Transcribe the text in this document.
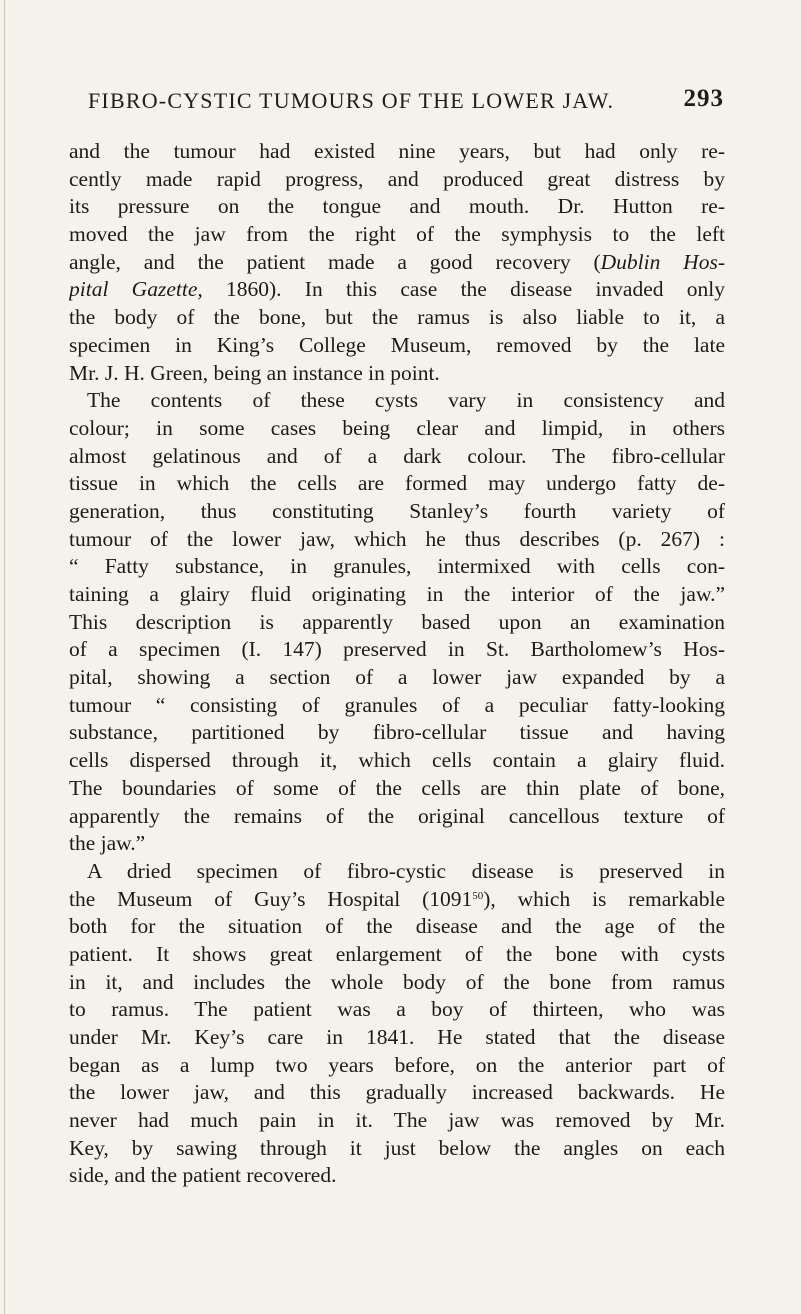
FIBRO-CYSTIC TUMOURS OF THE LOWER JAW.	293
and the tumour had existed nine years, but had only re-
cently made rapid progress, and produced great distress by
its pressure on the tongue and mouth. Dr. Hutton re-
moved the jaw from the right of the symphysis to the left
angle, and the patient made a good recovery (Dublin Hos-
pital Gazette, 1860). In this case the disease invaded only
the body of the bone, but the ramus is also liable to it, a
specimen in King’s College Museum, removed by the late
Mr. J. H. Green, being an instance in point.
The contents of these cysts vary in consistency and
colour; in some cases being clear and limpid, in others
almost gelatinous and of a dark colour. The fibro-cellular
tissue in which the cells are formed may undergo fatty de-
generation, thus constituting Stanley’s fourth variety of
tumour of the lower jaw, which he thus describes (p. 267) :
“ Fatty substance, in granules, intermixed with cells con-
taining a glairy fluid originating in the interior of the jaw.”
This description is apparently based upon an examination
of a specimen (I. 147) preserved in St. Bartholomew’s Hos-
pital, showing a section of a lower jaw expanded by a
tumour “ consisting of granules of a peculiar fatty-looking
substance, partitioned by fibro-cellular tissue and having
cells dispersed through it, which cells contain a glairy fluid.
The boundaries of some of the cells are thin plate of bone,
apparently the remains of the original cancellous texture of
the jaw.”
A dried specimen of fibro-cystic disease is preserved in
the Museum of Guy’s Hospital (1091$^{50}$), which is remarkable
both for the situation of the disease and the age of the
patient. It shows great enlargement of the bone with cysts
in it, and includes the whole body of the bone from ramus
to ramus. The patient was a boy of thirteen, who was
under Mr. Key’s care in 1841. He stated that the disease
began as a lump two years before, on the anterior part of
the lower jaw, and this gradually increased backwards. He
never had much pain in it. The jaw was removed by Mr.
Key, by sawing through it just below the angles on each
side, and the patient recovered.
